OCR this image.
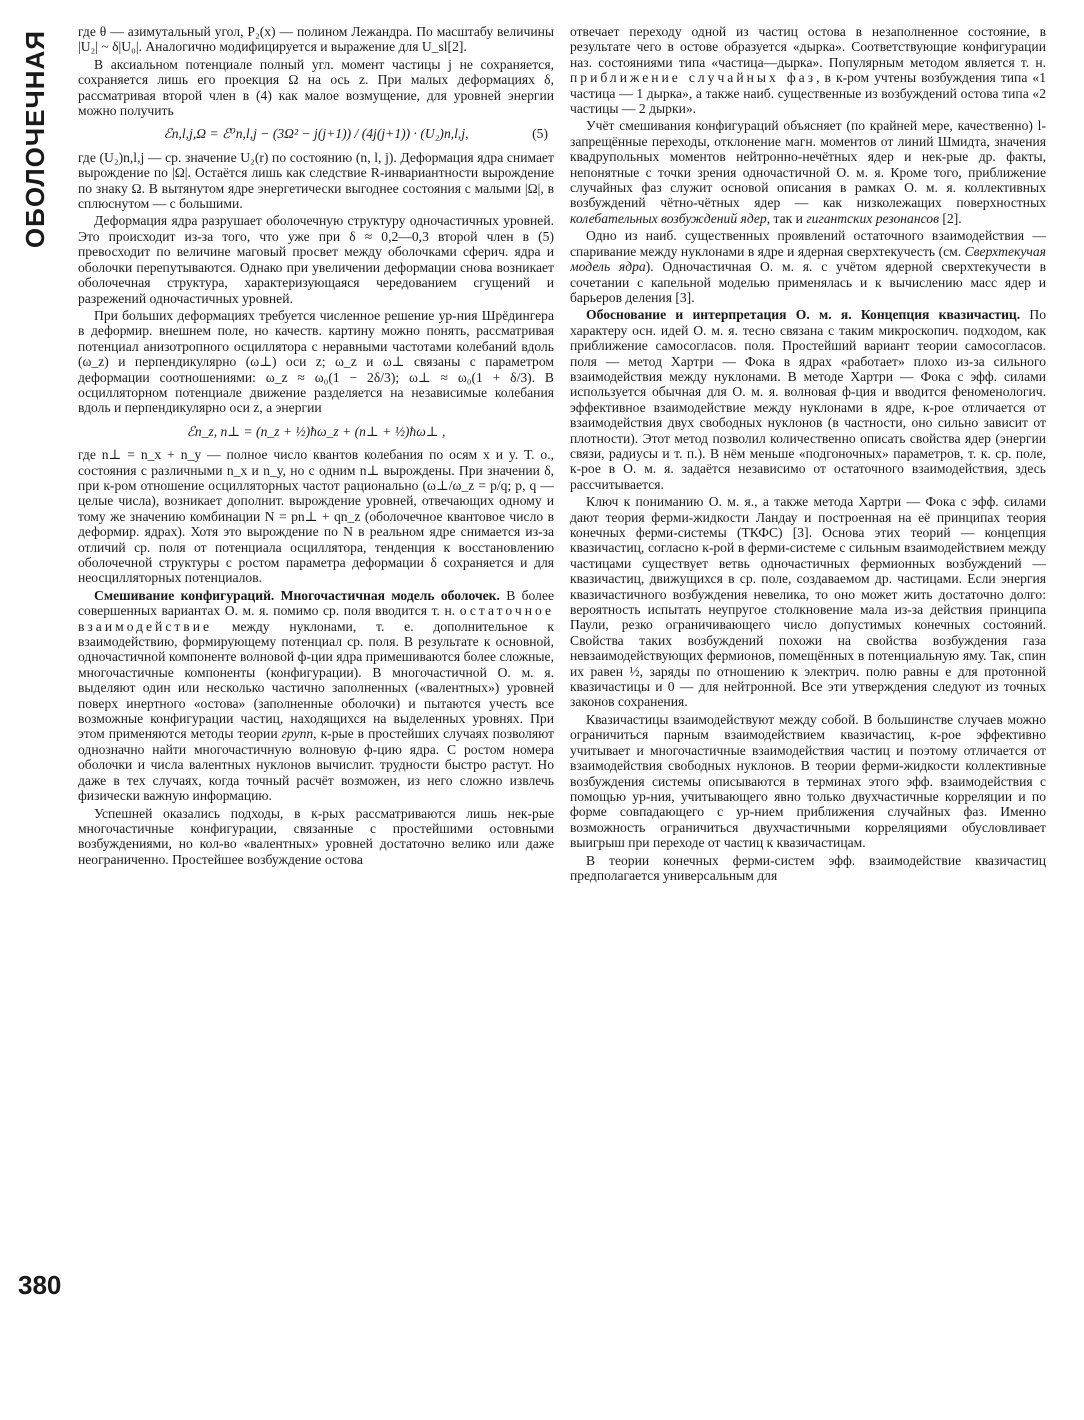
ОБОЛОЧЕЧНАЯ
380

где θ — азимутальный угол, P₂(x) — полином Лежандра. По масштабу величины |U₂| ~ δ|U₀|. Аналогично модифицируется и выражение для U_sl[2].

В аксиальном потенциале полный угл. момент частицы j не сохраняется, сохраняется лишь его проекция Ω на ось z. При малых деформациях δ, рассматривая второй член в (4) как малое возмущение, для уровней энергии можно получить

ℰn,l,j,Ω = ℰ⁰n,l,j − (3Ω² − j(j+1)) / (4j(j+1)) · (U₂)n,l,j,	(5)

где (U₂)n,l,j — ср. значение U₂(r) по состоянию (n, l, j). Деформация ядра снимает вырождение по |Ω|. Остаётся лишь как следствие R-инвариантности вырождение по знаку Ω. В вытянутом ядре энергетически выгоднее состояния с малыми |Ω|, в сплюснутом — с большими.

Деформация ядра разрушает оболочечную структуру одночастичных уровней. Это происходит из-за того, что уже при δ ≈ 0,2—0,3 второй член в (5) превосходит по величине маговый просвет между оболочками сферич. ядра и оболочки перепутываются. Однако при увеличении деформации снова возникает оболочечная структура, характеризующаяся чередованием сгущений и разрежений одночастичных уровней.

При больших деформациях требуется численное решение ур-ния Шрёдингера в деформир. внешнем поле, но качеств. картину можно понять, рассматривая потенциал анизотропного осциллятора с неравными частотами колебаний вдоль (ω_z) и перпендикулярно (ω⊥) оси z; ω_z и ω⊥ связаны с параметром деформации соотношениями: ω_z ≈ ω₀(1 − 2δ/3); ω⊥ ≈ ω₀(1 + δ/3). В осцилляторном потенциале движение разделяется на независимые колебания вдоль и перпендикулярно оси z, а энергии

ℰn_z, n⊥ = (n_z + ½)ħω_z + (n⊥ + ½)ħω⊥ ,

где n⊥ = n_x + n_y — полное число квантов колебания по осям x и y. Т. о., состояния с различными n_x и n_y, но с одним n⊥ вырождены. При значении δ, при к-ром отношение осцилляторных частот рационально (ω⊥/ω_z = p/q; p, q — целые числа), возникает дополнит. вырождение уровней, отвечающих одному и тому же значению комбинации N = pn⊥ + qn_z (оболочечное квантовое число в деформир. ядрах). Хотя это вырождение по N в реальном ядре снимается из-за отличий ср. поля от потенциала осциллятора, тенденция к восстановлению оболочечной структуры с ростом параметра деформации δ сохраняется и для неосцилляторных потенциалов.

Смешивание конфигураций. Многочастичная модель оболочек. В более совершенных вариантах О. м. я. помимо ср. поля вводится т. н. остаточное взаимодействие между нуклонами, т. е. дополнительное к взаимодействию, формирующему потенциал ср. поля. В результате к основной, одночастичной компоненте волновой ф-ции ядра примешиваются более сложные, многочастичные компоненты (конфигурации). В многочастичной О. м. я. выделяют один или несколько частично заполненных («валентных») уровней поверх инертного «остова» (заполненные оболочки) и пытаются учесть все возможные конфигурации частиц, находящихся на выделенных уровнях. При этом применяются методы теории групп, к-рые в простейших случаях позволяют однозначно найти многочастичную волновую ф-цию ядра. С ростом номера оболочки и числа валентных нуклонов вычислит. трудности быстро растут. Но даже в тех случаях, когда точный расчёт возможен, из него сложно извлечь физически важную информацию.

Успешней оказались подходы, в к-рых рассматриваются лишь нек-рые многочастичные конфигурации, связанные с простейшими остовными возбуждениями, но кол-во «валентных» уровней достаточно велико или даже неограниченно. Простейшее возбуждение остова

отвечает переходу одной из частиц остова в незаполненное состояние, в результате чего в остове образуется «дырка». Соответствующие конфигурации наз. состояниями типа «частица—дырка». Популярным методом является т. н. приближение случайных фаз, в к-ром учтены возбуждения типа «1 частица — 1 дырка», а также наиб. существенные из возбуждений остова типа «2 частицы — 2 дырки».

Учёт смешивания конфигураций объясняет (по крайней мере, качественно) l-запрещённые переходы, отклонение магн. моментов от линий Шмидта, значения квадрупольных моментов нейтронно-нечётных ядер и нек-рые др. факты, непонятные с точки зрения одночастичной О. м. я. Кроме того, приближение случайных фаз служит основой описания в рамках О. м. я. коллективных возбуждений чётно-чётных ядер — как низколежащих поверхностных колебательных возбуждений ядер, так и гигантских резонансов [2].

Одно из наиб. существенных проявлений остаточного взаимодействия — спаривание между нуклонами в ядре и ядерная сверхтекучесть (см. Сверхтекучая модель ядра). Одночастичная О. м. я. с учётом ядерной сверхтекучести в сочетании с капельной моделью применялась и к вычислению масс ядер и барьеров деления [3].

Обоснование и интерпретация О. м. я. Концепция квазичастиц. По характеру осн. идей О. м. я. тесно связана с таким микроскопич. подходом, как приближение самосогласов. поля. Простейший вариант теории самосогласов. поля — метод Хартри — Фока в ядрах «работает» плохо из-за сильного взаимодействия между нуклонами. В методе Хартри — Фока с эфф. силами используется обычная для О. м. я. волновая ф-ция и вводится феноменологич. эффективное взаимодействие между нуклонами в ядре, к-рое отличается от взаимодействия двух свободных нуклонов (в частности, оно сильно зависит от плотности). Этот метод позволил количественно описать свойства ядер (энергии связи, радиусы и т. п.). В нём меньше «подгоночных» параметров, т. к. ср. поле, к-рое в О. м. я. задаётся независимо от остаточного взаимодействия, здесь рассчитывается.

Ключ к пониманию О. м. я., а также метода Хартри — Фока с эфф. силами дают теория ферми-жидкости Ландау и построенная на её принципах теория конечных ферми-системы (ТКФС) [3]. Основа этих теорий — концепция квазичастиц, согласно к-рой в ферми-системе с сильным взаимодействием между частицами существует ветвь одночастичных фермионных возбуждений — квазичастиц, движущихся в ср. поле, создаваемом др. частицами. Если энергия квазичастичного возбуждения невелика, то оно может жить достаточно долго: вероятность испытать неупругое столкновение мала из-за действия принципа Паули, резко ограничивающего число допустимых конечных состояний. Свойства таких возбуждений похожи на свойства возбуждения газа невзаимодействующих фермионов, помещённых в потенциальную яму. Так, спин их равен ½, заряды по отношению к электрич. полю равны e для протонной квазичастицы и 0 — для нейтронной. Все эти утверждения следуют из точных законов сохранения.

Квазичастицы взаимодействуют между собой. В большинстве случаев можно ограничиться парным взаимодействием квазичастиц, к-рое эффективно учитывает и многочастичные взаимодействия частиц и поэтому отличается от взаимодействия свободных нуклонов. В теории ферми-жидкости коллективные возбуждения системы описываются в терминах этого эфф. взаимодействия с помощью ур-ния, учитывающего явно только двухчастичные корреляции и по форме совпадающего с ур-нием приближения случайных фаз. Именно возможность ограничиться двухчастичными корреляциями обусловливает выигрыш при переходе от частиц к квазичастицам.

В теории конечных ферми-систем эфф. взаимодействие квазичастиц предполагается универсальным для
